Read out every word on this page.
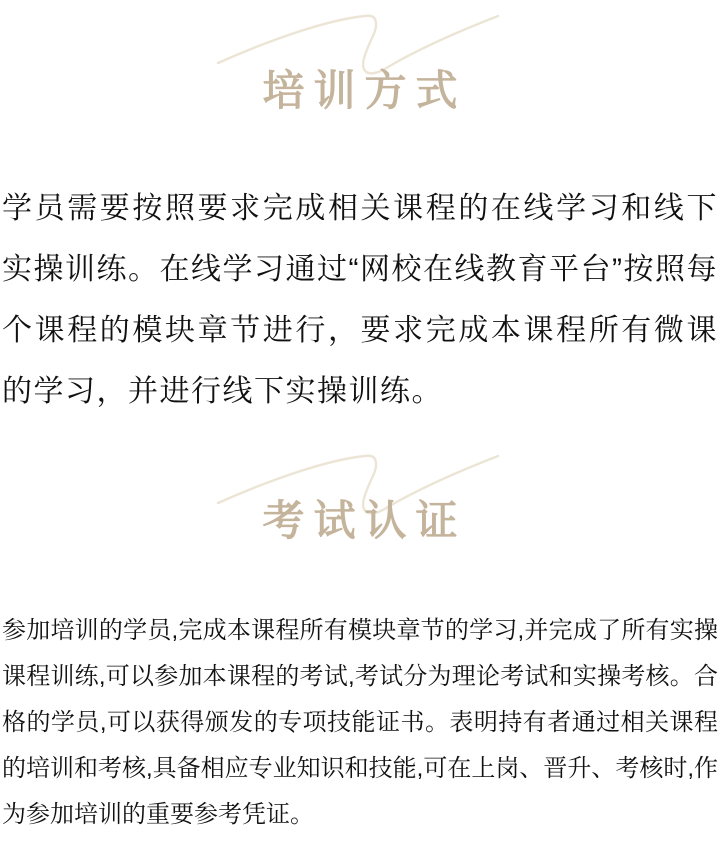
培训方式

学员需要按照要求完成相关课程的在线学习和线下实操训练。在线学习通过“网校在线教育平台”按照每个课程的模块章节进行，要求完成本课程所有微课的学习，并进行线下实操训练。

考试认证

参加培训的学员,完成本课程所有模块章节的学习,并完成了所有实操课程训练,可以参加本课程的考试,考试分为理论考试和实操考核。合格的学员,可以获得颁发的专项技能证书。表明持有者通过相关课程的培训和考核,具备相应专业知识和技能,可在上岗、晋升、考核时,作为参加培训的重要参考凭证。
